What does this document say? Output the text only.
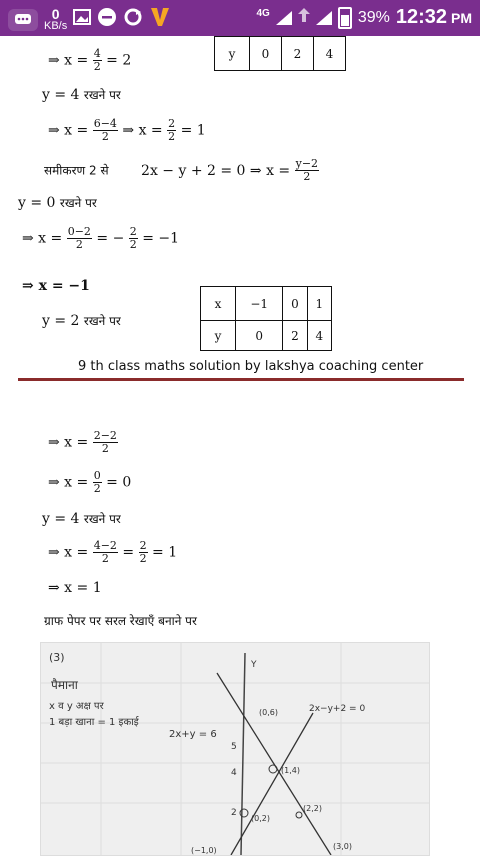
0
KB/s
4G	39% 12:32 PM
y	0	2	4
⇒ $x = \frac{4}{2} = 2$
y = 4 रखने पर
⇒ $x = \frac{6-4}{2}$ ⇒ $x = \frac{2}{2} = 1$
समीकरण 2 से 2x − y + 2 = 0 ⇒ $x = \frac{y-2}{2}$
y = 0 रखने पर
⇒ $x = \frac{0-2}{2}$ = − $\frac{2}{2} = -1$
⇒ x = −1
y = 2 रखने पर
x	−1	0	1
y	0	2	4
9 th class maths solution by lakshya coaching center
⇒ $x = \frac{2-2}{2}$
⇒ $x = \frac{0}{2} = 0$
y = 4 रखने पर
⇒ $x = \frac{4-2}{2} = \frac{2}{2} = 1$
⇒ x = 1
ग्राफ पेपर पर सरल रेखाएँ बनाने पर
(3)
पैमाना
x व y अक्ष पर
1 बड़ा खाना = 1 इकाई
2x+y = 6
2x−y+2 = 0
(0,6)
(1,4)
(0,2)
(2,2)
(−1,0)	(3,0)
Y
5
4
2
